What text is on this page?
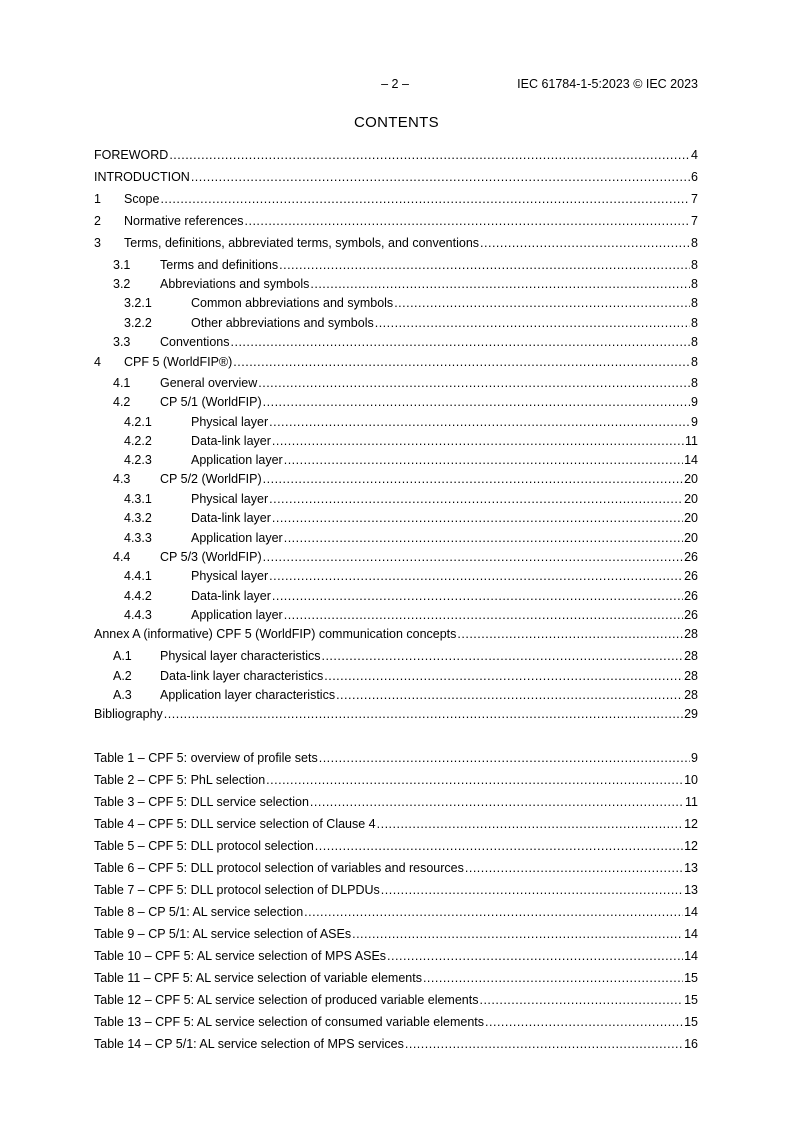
– 2 –	IEC 61784-1-5:2023 © IEC 2023
CONTENTS
FOREWORD .....	4
INTRODUCTION .....	6
1	Scope .....	7
2	Normative references .....	7
3	Terms, definitions, abbreviated terms, symbols, and conventions .....	8
3.1	Terms and definitions .....	8
3.2	Abbreviations and symbols .....	8
3.2.1	Common abbreviations and symbols .....	8
3.2.2	Other abbreviations and symbols .....	8
3.3	Conventions .....	8
4	CPF 5 (WorldFIP®) .....	8
4.1	General overview .....	8
4.2	CP 5/1 (WorldFIP) .....	9
4.2.1	Physical layer .....	9
4.2.2	Data-link layer .....	11
4.2.3	Application layer .....	14
4.3	CP 5/2 (WorldFIP) .....	20
4.3.1	Physical layer .....	20
4.3.2	Data-link layer .....	20
4.3.3	Application layer .....	20
4.4	CP 5/3 (WorldFIP) .....	26
4.4.1	Physical layer .....	26
4.4.2	Data-link layer .....	26
4.4.3	Application layer .....	26
Annex A (informative) CPF 5 (WorldFIP) communication concepts .....	28
A.1	Physical layer characteristics .....	28
A.2	Data-link layer characteristics .....	28
A.3	Application layer characteristics .....	28
Bibliography .....	29
Table 1 – CPF 5: overview of profile sets .....	9
Table 2 – CPF 5: PhL selection .....	10
Table 3 – CPF 5: DLL service selection .....	11
Table 4 – CPF 5: DLL service selection of Clause 4 .....	12
Table 5 – CPF 5: DLL protocol selection .....	12
Table 6 – CPF 5: DLL protocol selection of variables and resources .....	13
Table 7 – CPF 5: DLL protocol selection of DLPDUs .....	13
Table 8 – CP 5/1: AL service selection .....	14
Table 9 – CP 5/1: AL service selection of ASEs .....	14
Table 10 – CPF 5: AL service selection of MPS ASEs .....	14
Table 11 – CPF 5: AL service selection of variable elements .....	15
Table 12 – CPF 5: AL service selection of produced variable elements .....	15
Table 13 – CPF 5: AL service selection of consumed variable elements .....	15
Table 14 – CP 5/1: AL service selection of MPS services .....	16
